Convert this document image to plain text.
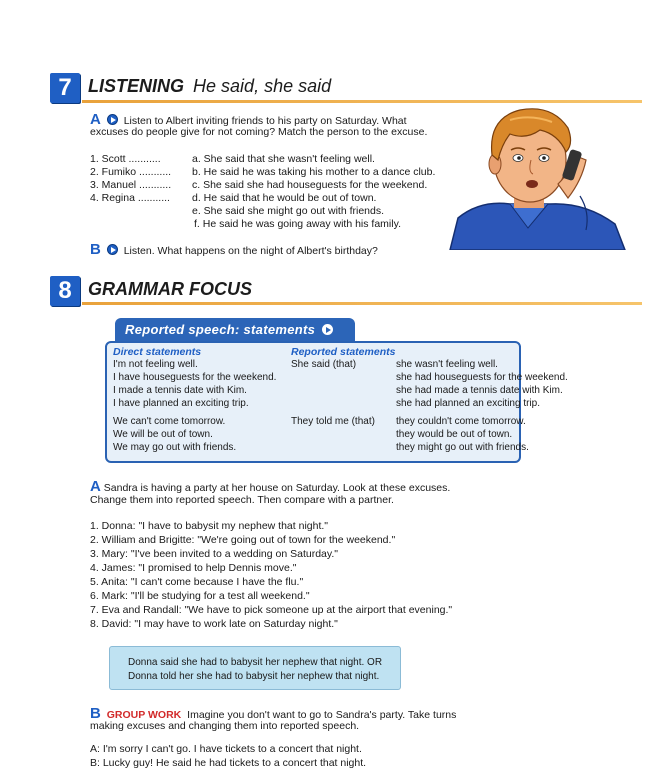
7 LISTENING He said, she said
A Listen to Albert inviting friends to his party on Saturday. What
excuses do people give for not coming? Match the person to the excuse.
1. Scott ...........
2. Fumiko ...........
3. Manuel ...........
4. Regina ...........
a. She said that she wasn't feeling well.
b. He said he was taking his mother to a dance club.
c. She said she had houseguests for the weekend.
d. He said that he would be out of town.
e. She said she might go out with friends.
f. He said he was going away with his family.
B Listen. What happens on the night of Albert's birthday?
8 GRAMMAR FOCUS
Reported speech: statements
Direct statements	Reported statements
I'm not feeling well.
I have houseguests for the weekend.
I made a tennis date with Kim.
I have planned an exciting trip.
We can't come tomorrow.
We will be out of town.
We may go out with friends.
She said (that)
They told me (that)
she wasn't feeling well.
she had houseguests for the weekend.
she had made a tennis date with Kim.
she had planned an exciting trip.
they couldn't come tomorrow.
they would be out of town.
they might go out with friends.
A Sandra is having a party at her house on Saturday. Look at these excuses.
Change them into reported speech. Then compare with a partner.
1. Donna: "I have to babysit my nephew that night."
2. William and Brigitte: "We're going out of town for the weekend."
3. Mary: "I've been invited to a wedding on Saturday."
4. James: "I promised to help Dennis move."
5. Anita: "I can't come because I have the flu."
6. Mark: "I'll be studying for a test all weekend."
7. Eva and Randall: "We have to pick someone up at the airport that evening."
8. David: "I may have to work late on Saturday night."
Donna said she had to babysit her nephew that night. OR
Donna told her she had to babysit her nephew that night.
B GROUP WORK Imagine you don't want to go to Sandra's party. Take turns
making excuses and changing them into reported speech.
A: I'm sorry I can't go. I have tickets to a concert that night.
B: Lucky guy! He said he had tickets to a concert that night.
